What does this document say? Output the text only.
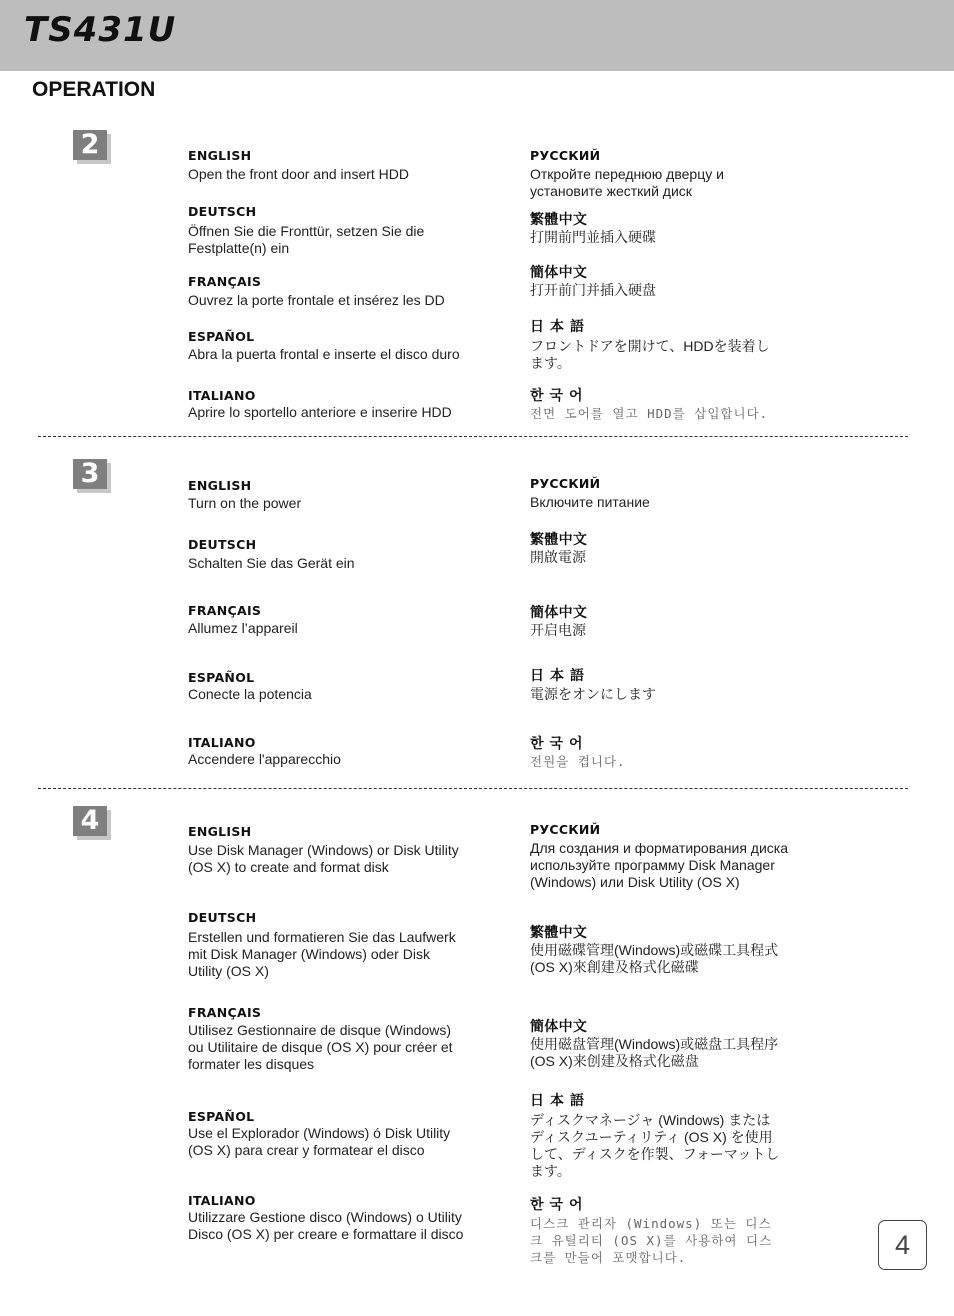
TS431U
OPERATION
2	ENGLISH
Open the front door and insert HDD
DEUTSCH
Öffnen Sie die Fronttür, setzen Sie die Festplatte(n) ein
FRANÇAIS
Ouvrez la porte frontale et insérez les DD
ESPAÑOL
Abra la puerta frontal e inserte el disco duro
ITALIANO
Aprire lo sportello anteriore e inserire HDD
РУССКИЙ
Откройте переднюю дверцу и установите жесткий диск
繁體中文
打開前門並插入硬碟
簡体中文
打开前门并插入硬盘
日本語
フロントドアを開けて、HDDを装着します。
한국어
전면 도어를 열고 HDD를 삽입합니다.
3	ENGLISH
Turn on the power
DEUTSCH
Schalten Sie das Gerät ein
FRANÇAIS
Allumez l’appareil
ESPAÑOL
Conecte la potencia
ITALIANO
Accendere l'apparecchio
РУССКИЙ
Включите питание
繁體中文
開啟電源
簡体中文
开启电源
日本語
電源をオンにします
한국어
전원을 켭니다.
4	ENGLISH
Use Disk Manager (Windows) or Disk Utility (OS X) to create and format disk
DEUTSCH
Erstellen und formatieren Sie das Laufwerk mit Disk Manager (Windows) oder Disk Utility (OS X)
FRANÇAIS
Utilisez Gestionnaire de disque (Windows) ou Utilitaire de disque (OS X) pour créer et formater les disques
ESPAÑOL
Use el Explorador (Windows) ó Disk Utility (OS X) para crear y formatear el disco
ITALIANO
Utilizzare Gestione disco (Windows) o Utility Disco (OS X) per creare e formattare il disco
РУССКИЙ
Для создания и форматирования диска используйте программу Disk Manager (Windows) или Disk Utility (OS X)
繁體中文
使用磁碟管理(Windows)或磁碟工具程式(OS X)來創建及格式化磁碟
簡体中文
使用磁盘管理(Windows)或磁盘工具程序(OS X)来创建及格式化磁盘
日本語
ディスクマネージャ (Windows) または ディスクユーティリティ (OS X) を使用して、ディスクを作製、フォーマットします。
한국어
디스크 관리자 (Windows) 또는 디스크 유틸리티 (OS X)를 사용하여 디스크를 만들어 포맷합니다.	4
